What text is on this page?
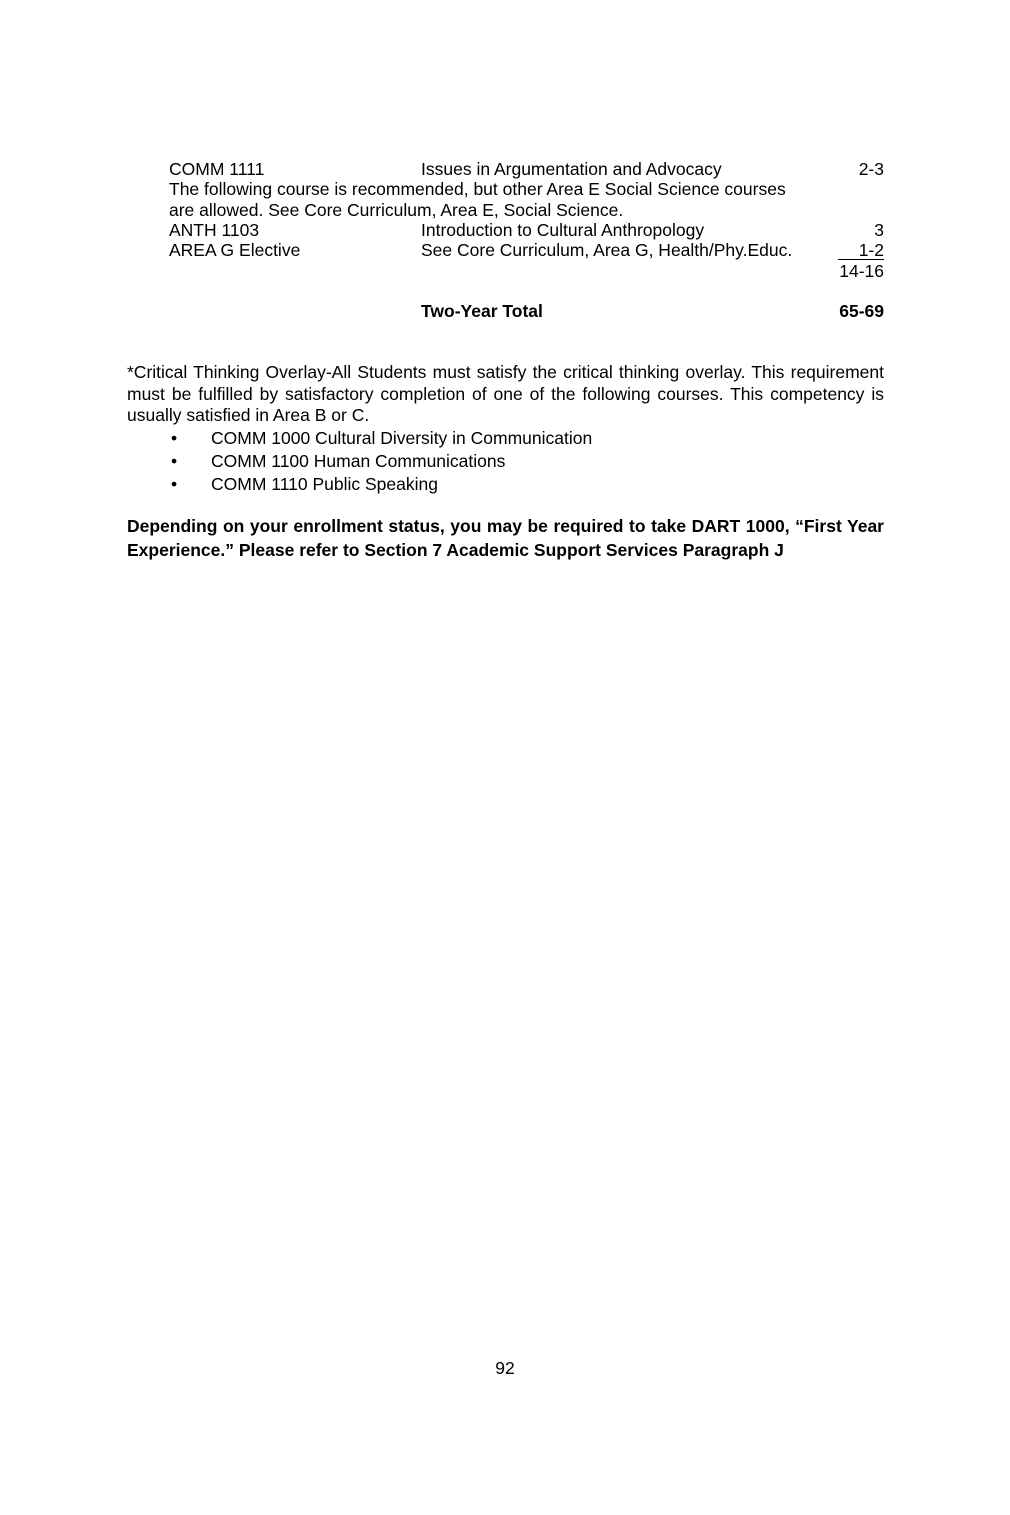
COMM 1111	Issues in Argumentation and Advocacy	2-3
The following course is recommended, but other Area E Social Science courses
are allowed. See Core Curriculum, Area E, Social Science.
ANTH 1103	Introduction to Cultural Anthropology	3
AREA G Elective	See Core Curriculum, Area G, Health/Phy.Educ.	1-2
14-16
Two-Year Total	65-69
*Critical Thinking Overlay-All Students must satisfy the critical thinking overlay. This requirement must be fulfilled by satisfactory completion of one of the following courses. This competency is usually satisfied in Area B or C.
• COMM 1000 Cultural Diversity in Communication
• COMM 1100 Human Communications
• COMM 1110 Public Speaking
Depending on your enrollment status, you may be required to take DART 1000, “First Year Experience.” Please refer to Section 7 Academic Support Services Paragraph J
92
